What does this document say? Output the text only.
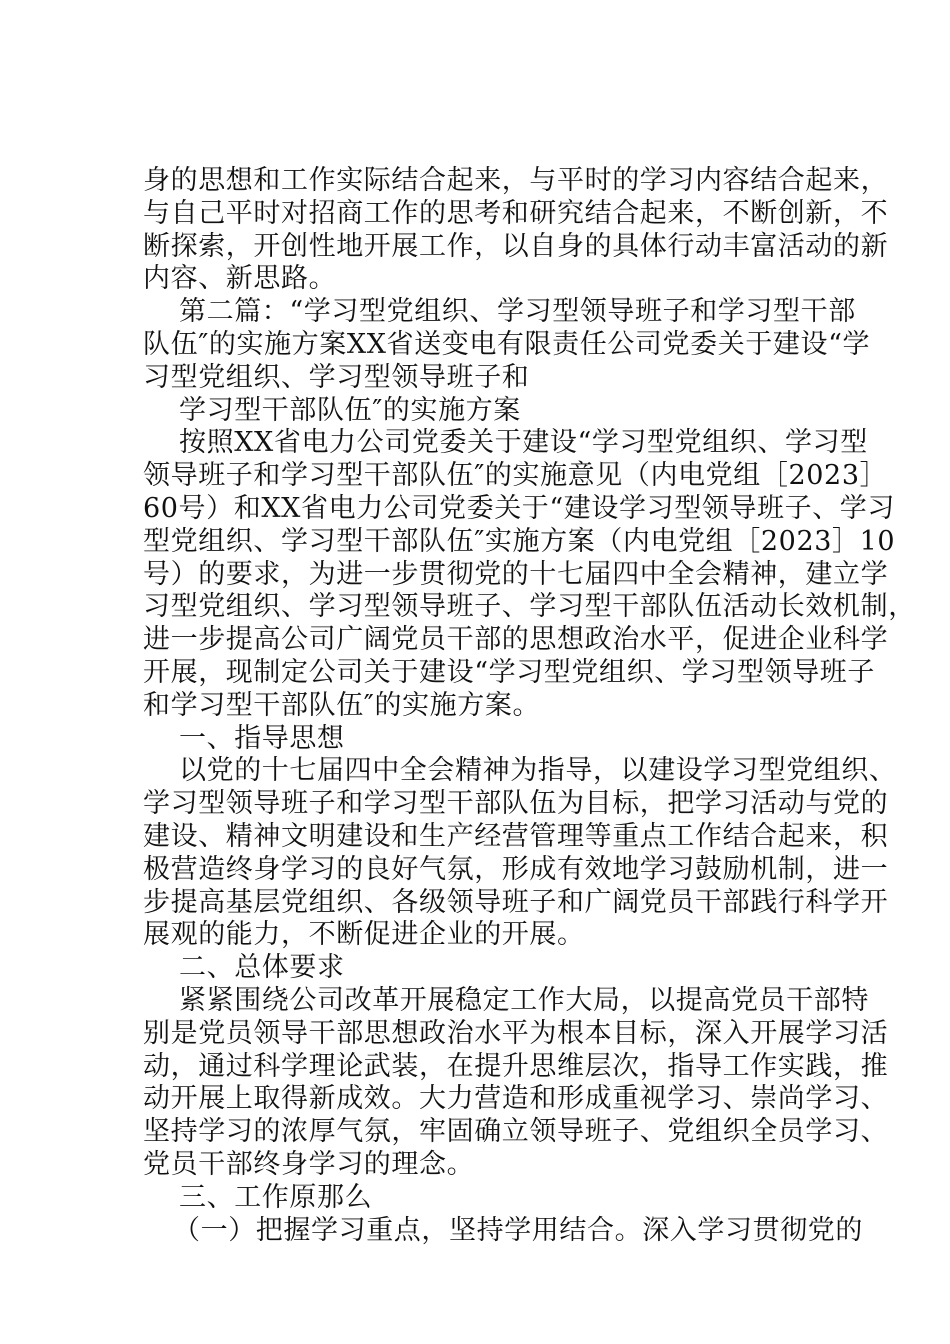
身的思想和工作实际结合起来，与平时的学习内容结合起来，
与自己平时对招商工作的思考和研究结合起来，不断创新，不
断探索，开创性地开展工作，以自身的具体行动丰富活动的新
内容、新思路。
第二篇：“学习型党组织、学习型领导班子和学习型干部
队伍″的实施方案XX省送变电有限责任公司党委关于建设“学
习型党组织、学习型领导班子和
学习型干部队伍″的实施方案
按照XX省电力公司党委关于建设“学习型党组织、学习型
领导班子和学习型干部队伍″的实施意见（内电党组［2023］
60号）和XX省电力公司党委关于“建设学习型领导班子、学习
型党组织、学习型干部队伍″实施方案（内电党组［2023］10
号）的要求，为进一步贯彻党的十七届四中全会精神，建立学
习型党组织、学习型领导班子、学习型干部队伍活动长效机制，
进一步提高公司广阔党员干部的思想政治水平，促进企业科学
开展，现制定公司关于建设“学习型党组织、学习型领导班子
和学习型干部队伍″的实施方案。
一、指导思想
以党的十七届四中全会精神为指导，以建设学习型党组织、
学习型领导班子和学习型干部队伍为目标，把学习活动与党的
建设、精神文明建设和生产经营管理等重点工作结合起来，积
极营造终身学习的良好气氛，形成有效地学习鼓励机制，进一
步提高基层党组织、各级领导班子和广阔党员干部践行科学开
展观的能力，不断促进企业的开展。
二、总体要求
紧紧围绕公司改革开展稳定工作大局，以提高党员干部特
别是党员领导干部思想政治水平为根本目标，深入开展学习活
动，通过科学理论武装，在提升思维层次，指导工作实践，推
动开展上取得新成效。大力营造和形成重视学习、崇尚学习、
坚持学习的浓厚气氛，牢固确立领导班子、党组织全员学习、
党员干部终身学习的理念。
三、工作原那么
（一）把握学习重点，坚持学用结合。深入学习贯彻党的
